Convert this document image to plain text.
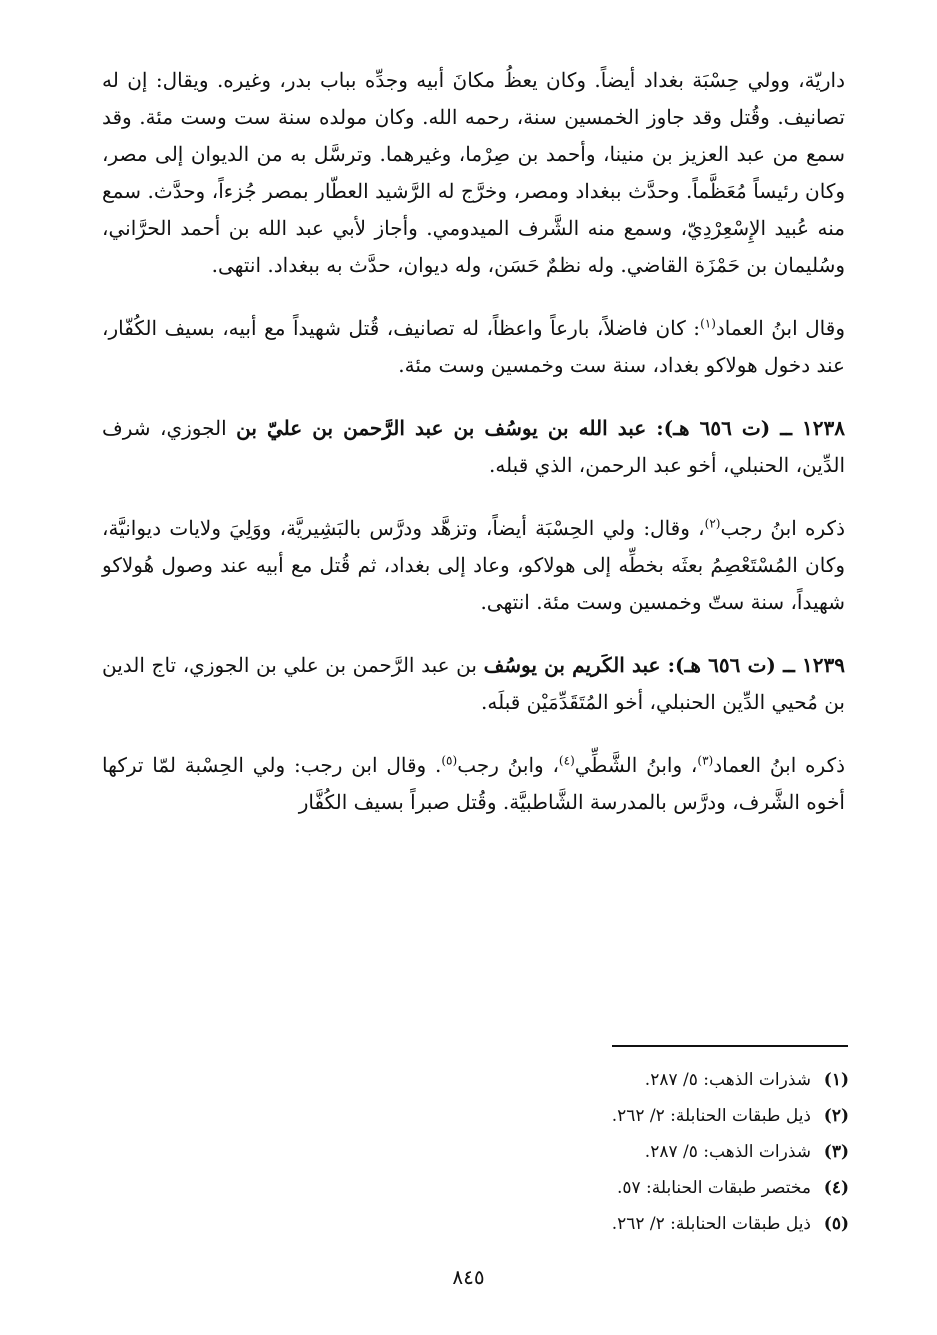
داريّة، وولي حِسْبَة بغداد أيضاً. وكان يعظُ مكانَ أبيه وجدِّه بباب بدر، وغيره. ويقال: إن له تصانيف. وقُتل وقد جاوز الخمسين سنة، رحمه الله. وكان مولده سنة ست وست مئة. وقد سمع من عبد العزيز بن منينا، وأحمد بن صِرْما، وغيرهما. وترسَّل به من الديوان إلى مصر، وكان رئيساً مُعَظَّماً. وحدَّث ببغداد ومصر، وخرَّج له الرَّشيد العطّار بمصر جُزءاً، وحدَّث. سمع منه عُبيد الإِسْعِرْدِيّ، وسمع منه الشَّرف الميدومي. وأجاز لأبي عبد الله بن أحمد الحرَّاني، وسُليمان بن حَمْزَة القاضي. وله نظمٌ حَسَن، وله ديوان، حدَّث به ببغداد. انتهى.

وقال ابنُ العماد$^{(١)}$: كان فاضلاً، بارعاً واعظاً، له تصانيف، قُتل شهيداً مع أبيه، بسيف الكُفّار، عند دخول هولاكو بغداد، سنة ست وخمسين وست مئة.

١٢٣٨ ــ (ت ٦٥٦ هـ): عبد الله بن يوسُف بن عبد الرَّحمن بن عليّ بن الجوزي، شرف الدِّين، الحنبلي، أخو عبد الرحمن، الذي قبله.

ذكره ابنُ رجب$^{(٢)}$، وقال: ولي الحِسْبَة أيضاً، وتزهَّد ودرَّس بالبَشِيريَّة، ووَلِيَ ولايات ديوانيَّة، وكان المُسْتَعْصِمُ بعثَه بخطِّه إلى هولاكو، وعاد إلى بغداد، ثم قُتل مع أبيه عند وصول هُولاكو شهيداً، سنة ستّ وخمسين وست مئة. انتهى.

١٢٣٩ ــ (ت ٦٥٦ هـ): عبد الكَريم بن يوسُف بن عبد الرَّحمن بن علي بن الجوزي، تاج الدين بن مُحيي الدِّين الحنبلي، أخو المُتَقَدِّمَيْن قبلَه.

ذكره ابنُ العماد$^{(٣)}$، وابنُ الشَّطِّي$^{(٤)}$، وابنُ رجب$^{(٥)}$. وقال ابن رجب: ولي الحِسْبة لمّا تركها أخوه الشَّرف، ودرَّس بالمدرسة الشَّاطبيَّة. وقُتل صبراً بسيف الكُفَّار

(١)شذرات الذهب: ٥/ ٢٨٧.
(٢)ذيل طبقات الحنابلة: ٢/ ٢٦٢.
(٣)شذرات الذهب: ٥/ ٢٨٧.
(٤)مختصر طبقات الحنابلة: ٥٧.
(٥)ذيل طبقات الحنابلة: ٢/ ٢٦٢.
٨٤٥
